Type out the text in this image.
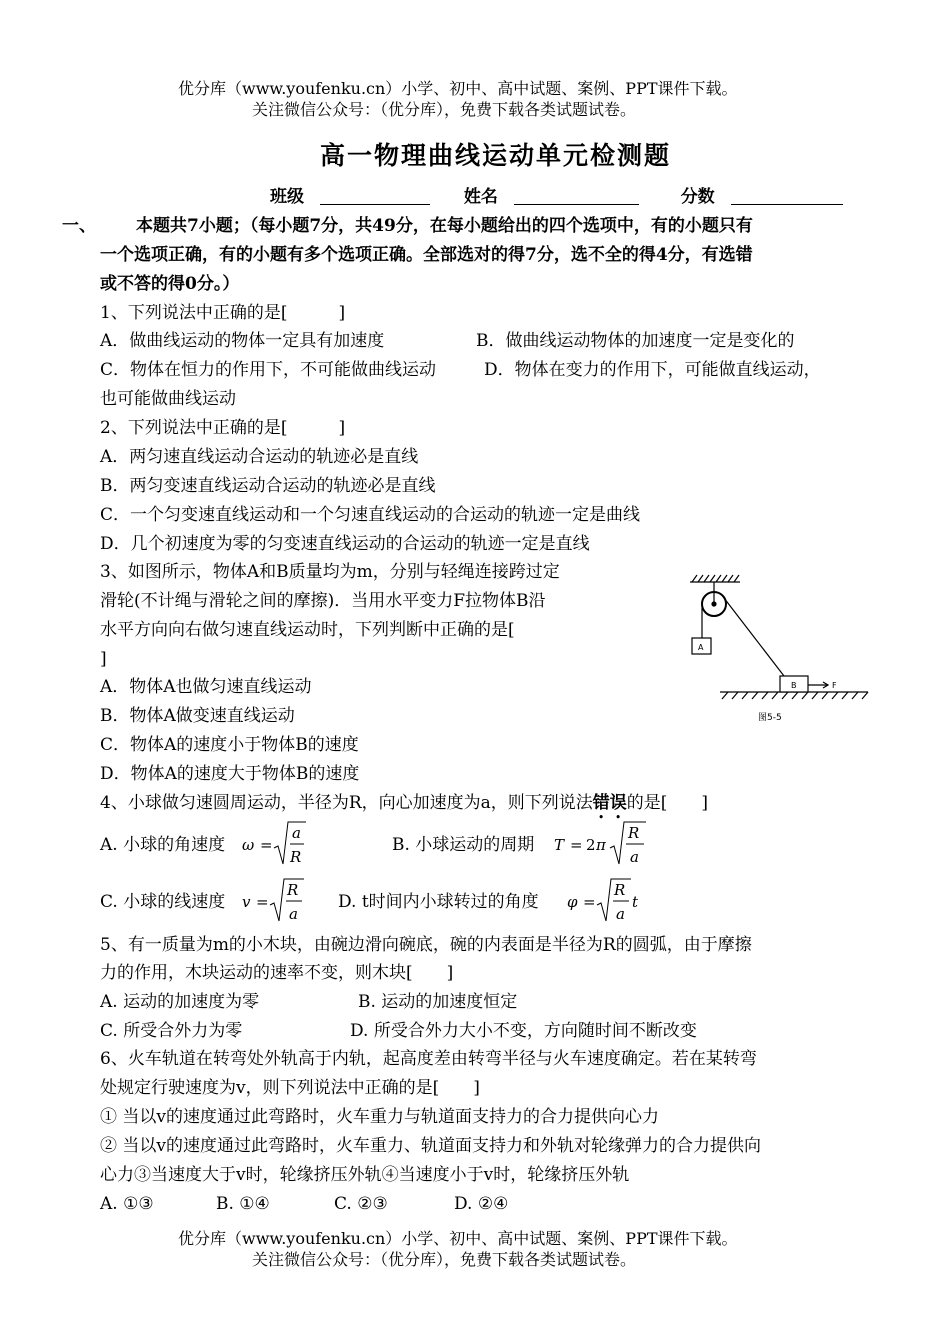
优分库（www.youfenku.cn）小学、初中、高中试题、案例、PPT课件下载。
关注微信公众号：（优分库），免费下载各类试题试卷。
高一物理曲线运动单元检测题
班级	姓名	分数
一、 本题共7小题；（每小题7分，共49分，在每小题给出的四个选项中，有的小题只有
一个选项正确，有的小题有多个选项正确。全部选对的得7分，选不全的得4分，有选错
或不答的得0分。）
1、下列说法中正确的是[　　　]
A．做曲线运动的物体一定具有加速度	B．做曲线运动物体的加速度一定是变化的
C．物体在恒力的作用下，不可能做曲线运动	D．物体在变力的作用下，可能做直线运动，
也可能做曲线运动
2、下列说法中正确的是[　　　]
A．两匀速直线运动合运动的轨迹必是直线
B．两匀变速直线运动合运动的轨迹必是直线
C．一个匀变速直线运动和一个匀速直线运动的合运动的轨迹一定是曲线
D．几个初速度为零的匀变速直线运动的合运动的轨迹一定是直线
3、如图所示，物体A和B质量均为m，分别与轻绳连接跨过定
滑轮(不计绳与滑轮之间的摩擦)．当用水平变力F拉物体B沿
水平方向向右做匀速直线运动时，下列判断中正确的是[
]
A．物体A也做匀速直线运动
B．物体A做变速直线运动
C．物体A的速度小于物体B的速度
D．物体A的速度大于物体B的速度
A
B	F
图5-5
4、小球做匀速圆周运动，半径为R，向心加速度为a，则下列说法错误的是[　　]
A. 小球的角速度 ω =
a
R
B. 小球运动的周期 T = 2 π
R
a
C. 小球的线速度 v =
R
a
D. t时间内小球转过的角度 φ =
R
a
t
5、有一质量为m的小木块，由碗边滑向碗底，碗的内表面是半径为R的圆弧，由于摩擦
力的作用，木块运动的速率不变，则木块[　　]
A. 运动的加速度为零	B. 运动的加速度恒定
C. 所受合外力为零	D. 所受合外力大小不变，方向随时间不断改变
6、火车轨道在转弯处外轨高于内轨，起高度差由转弯半径与火车速度确定。若在某转弯
处规定行驶速度为v，则下列说法中正确的是[　　]
① 当以v的速度通过此弯路时，火车重力与轨道面支持力的合力提供向心力
② 当以v的速度通过此弯路时，火车重力、轨道面支持力和外轨对轮缘弹力的合力提供向
心力③当速度大于v时，轮缘挤压外轨④当速度小于v时，轮缘挤压外轨
A. ①③	B. ①④	C. ②③	D. ②④
优分库（www.youfenku.cn）小学、初中、高中试题、案例、PPT课件下载。
关注微信公众号：（优分库），免费下载各类试题试卷。
